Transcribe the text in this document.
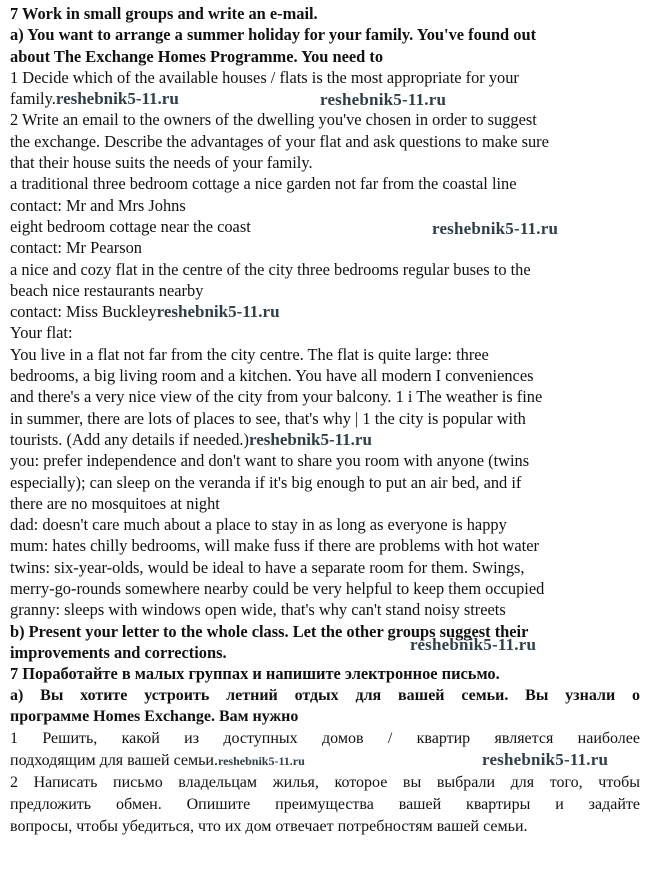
7 Work in small groups and write an e-mail.
a) You want to arrange a summer holiday for your family. You've found out
about The Exchange Homes Programme. You need to
1 Decide which of the available houses / flats is the most appropriate for your
family.reshebnik5-11.ru
2 Write an email to the owners of the dwelling you've chosen in order to suggest
the exchange. Describe the advantages of your flat and ask questions to make sure
that their house suits the needs of your family.
a traditional three bedroom cottage a nice garden not far from the coastal line
contact: Mr and Mrs Johns
eight bedroom cottage near the coast
contact: Mr Pearson
a nice and cozy flat in the centre of the city three bedrooms regular buses to the
beach nice restaurants nearby
contact: Miss Buckleyreshebnik5-11.ru
Your flat:
You live in a flat not far from the city centre. The flat is quite large: three
bedrooms, a big living room and a kitchen. You have all modern I conveniences
and there's a very nice view of the city from your balcony. 1 i The weather is fine
in summer, there are lots of places to see, that's why | 1 the city is popular with
tourists. (Add any details if needed.)reshebnik5-11.ru
you: prefer independence and don't want to share you room with anyone (twins
especially); can sleep on the veranda if it's big enough to put an air bed, and if
there are no mosquitoes at night
dad: doesn't care much about a place to stay in as long as everyone is happy
mum: hates chilly bedrooms, will make fuss if there are problems with hot water
twins: six-year-olds, would be ideal to have a separate room for them. Swings,
merry-go-rounds somewhere nearby could be very helpful to keep them occupied
granny: sleeps with windows open wide, that's why can't stand noisy streets
b) Present your letter to the whole class. Let the other groups suggest their
improvements and corrections.
7 Поработайте в малых группах и напишите электронное письмо.
а) Вы хотите устроить летний отдых для вашей семьи. Вы узнали о
программе Homes Exchange. Вам нужно
1 Решить, какой из доступных домов / квартир является наиболее
подходящим для вашей семьи.reshebnik5-11.ru
2 Написать письмо владельцам жилья, которое вы выбрали для того, чтобы
предложить обмен. Опишите преимущества вашей квартиры и задайте
вопросы, чтобы убедиться, что их дом отвечает потребностям вашей семьи.
reshebnik5-11.ru
reshebnik5-11.ru
reshebnik5-11.ru
reshebnik5-11.ru
